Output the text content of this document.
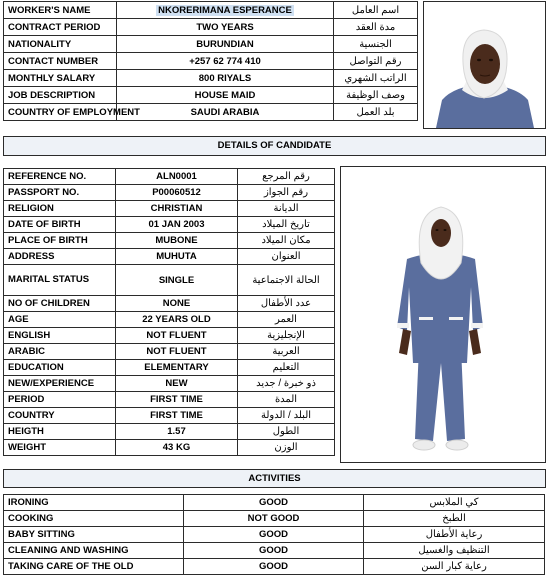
WORKER'S NAME	NKORERIMANA ESPERANCE	اسم العامل
CONTRACT PERIOD	TWO YEARS	مدة العقد
NATIONALITY	BURUNDIAN	الجنسية
CONTACT NUMBER	+257 62 774 410	رقم التواصل
MONTHLY SALARY	800 RIYALS	الراتب الشهري
JOB DESCRIPTION	HOUSE MAID	وصف الوظيفة
COUNTRY OF EMPLOYMENT	SAUDI ARABIA	بلد العمل
DETAILS OF CANDIDATE
REFERENCE NO.	ALN0001	رقم المرجع
PASSPORT NO.	P00060512	رقم الجواز
RELIGION	CHRISTIAN	الديانة
DATE OF BIRTH	01 JAN 2003	تاريخ الميلاد
PLACE OF BIRTH	MUBONE	مكان الميلاد
ADDRESS	MUHUTA	العنوان
MARITAL STATUS	SINGLE	الحالة الاجتماعية
NO OF CHILDREN	NONE	عدد الأطفال
AGE	22 YEARS OLD	العمر
ENGLISH	NOT FLUENT	الإنجليزية
ARABIC	NOT FLUENT	العربية
EDUCATION	ELEMENTARY	التعليم
NEW/EXPERIENCE	NEW	ذو خبرة / جديد
PERIOD	FIRST TIME	المدة
COUNTRY	FIRST TIME	البلد / الدولة
HEIGTH	1.57	الطول
WEIGHT	43 KG	الوزن
ACTIVITIES
IRONING	GOOD	كي الملابس
COOKING	NOT GOOD	الطبخ
BABY SITTING	GOOD	رعاية الأطفال
CLEANING AND WASHING	GOOD	التنظيف والغسيل
TAKING CARE OF THE OLD	GOOD	رعاية كبار السن
